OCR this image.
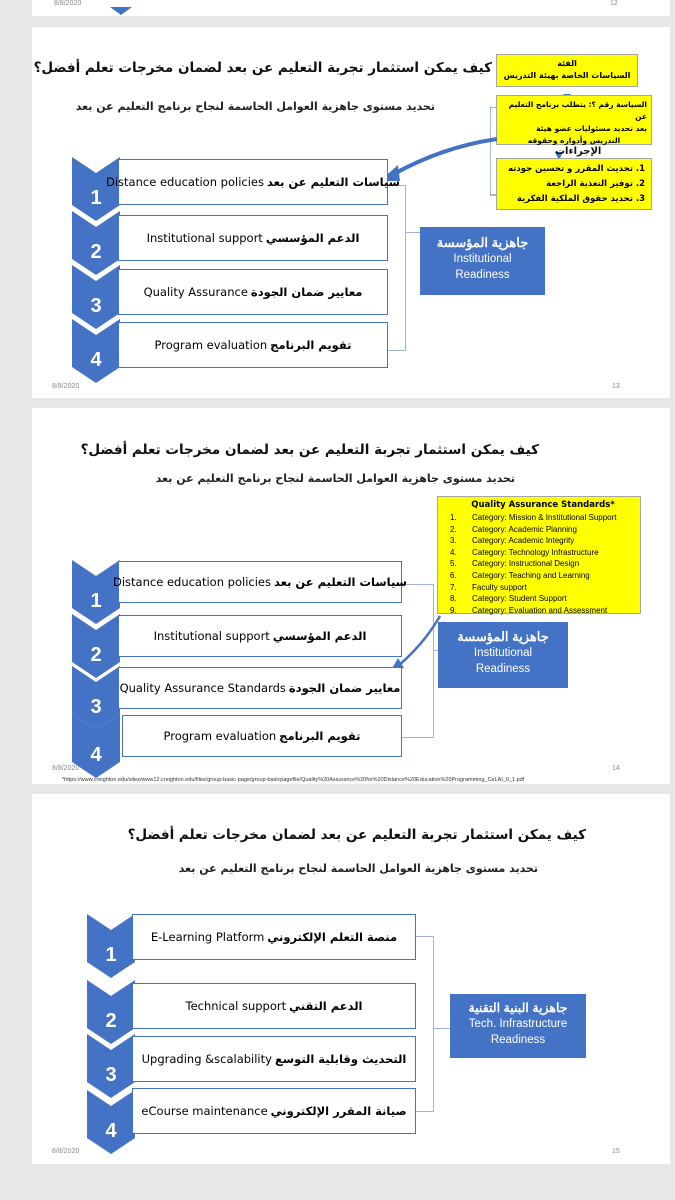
8/8/2020	12
كيف يمكن استثمار تجربة التعليم عن بعد لضمان مخرجات تعلم أفضل؟
تحديد مستوى جاهزية العوامل الحاسمة لنجاح برنامج التعليم عن بعد
الفئة
السياسات الخاصة بهيئة التدريس
السياسة رقم ؟: يتطلب برنامج التعليم عن
بعد تحديد مسئوليات عضو هيئة
التدريس وأدواره وحقوقه
الإجراءات
1. تحديث المقرر و تحسين جودته
2. توفير التغذية الراجعة
3. تحديد حقوق الملكية الفكرية
1
2
3
4
Distance education policies سياسات التعليم عن بعد
Institutional support الدعم المؤسسي
Quality Assurance معايير ضمان الجودة
Program evaluation تقويم البرنامج
جاهزية المؤسسة
Institutional
Readiness
8/8/2020	13
كيف يمكن استثمار تجربة التعليم عن بعد لضمان مخرجات تعلم أفضل؟
تحديد مستوى جاهزية العوامل الحاسمة لنجاح برنامج التعليم عن بعد
Quality Assurance Standards*
1. Category: Mission & Institutional Support
2. Category: Academic Planning
3. Category: Academic Integrity
4. Category: Technology Infrastructure
5. Category: Instructional Design
6. Category: Teaching and Learning
7. Faculty support
8. Category: Student Support
9. Category: Evaluation and Assessment
1
2
3
4
Distance education policies سياسات التعليم عن بعد
Institutional support الدعم المؤسسي
Quality Assurance Standards معايير ضمان الجودة
Program evaluation تقويم البرنامج
جاهزية المؤسسة
Institutional
Readiness
8/8/2020	14
*https://www.creighton.edu/sites/www12.creighton.edu/files/group-basic-page/group-basicpagefile/Quality%20Assurance%20for%20Distance%20Education%20Programming_CeLAI_0_1.pdf
كيف يمكن استثمار تجربة التعليم عن بعد لضمان مخرجات تعلم أفضل؟
تحديد مستوى جاهزية العوامل الحاسمة لنجاح برنامج التعليم عن بعد
1
2
3
4
E-Learning Platform منصة التعلم الإلكتروني
Technical support الدعم التقني
Upgrading &scalability التحديث وقابلية التوسع
eCourse maintenance صيانة المقرر الإلكتروني
جاهزية البنية التقنية
Tech. Infrastructure
Readiness
8/8/2020	15
